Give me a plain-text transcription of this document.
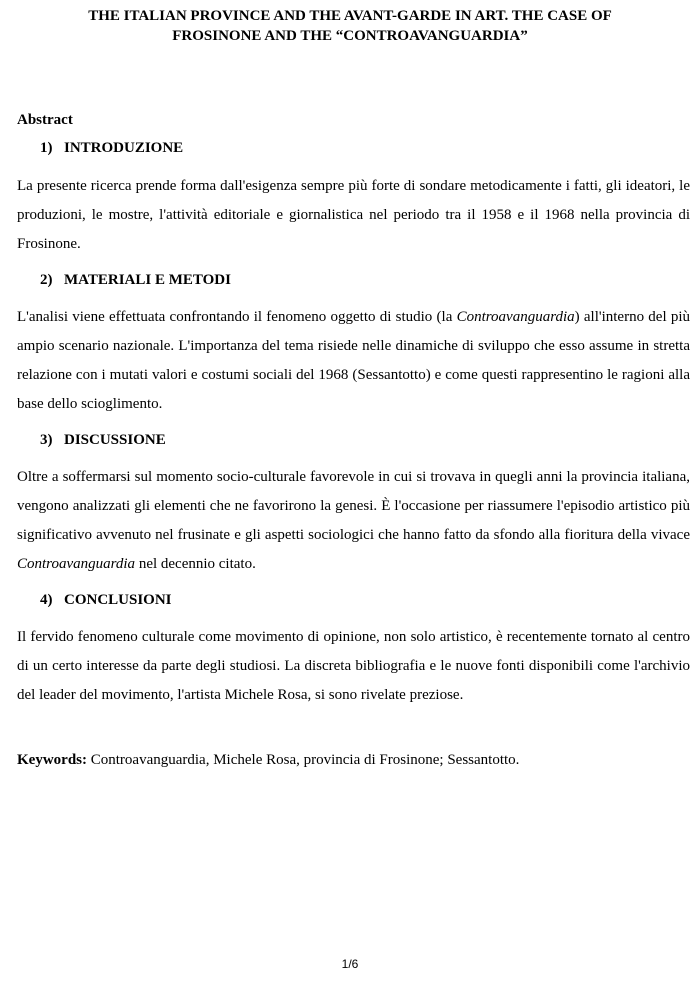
THE ITALIAN PROVINCE AND THE AVANT-GARDE IN ART. THE CASE OF
FROSINONE AND THE “CONTROAVANGUARDIA”

Abstract

1) INTRODUZIONE

La presente ricerca prende forma dall'esigenza sempre più forte di sondare metodicamente i fatti, gli ideatori, le produzioni, le mostre, l'attività editoriale e giornalistica nel periodo tra il 1958 e il 1968 nella provincia di Frosinone.

2) MATERIALI E METODI

L'analisi viene effettuata confrontando il fenomeno oggetto di studio (la Controavanguardia) all'interno del più ampio scenario nazionale. L'importanza del tema risiede nelle dinamiche di sviluppo che esso assume in stretta relazione con i mutati valori e costumi sociali del 1968 (Sessantotto) e come questi rappresentino le ragioni alla base dello scioglimento.

3) DISCUSSIONE

Oltre a soffermarsi sul momento socio-culturale favorevole in cui si trovava in quegli anni la provincia italiana, vengono analizzati gli elementi che ne favorirono la genesi. È l'occasione per riassumere l'episodio artistico più significativo avvenuto nel frusinate e gli aspetti sociologici che hanno fatto da sfondo alla fioritura della vivace Controavanguardia nel decennio citato.

4) CONCLUSIONI

Il fervido fenomeno culturale come movimento di opinione, non solo artistico, è recentemente tornato al centro di un certo interesse da parte degli studiosi. La discreta bibliografia e le nuove fonti disponibili come l'archivio del leader del movimento, l'artista Michele Rosa, si sono rivelate preziose.

Keywords: Controavanguardia, Michele Rosa, provincia di Frosinone; Sessantotto.

1/6
